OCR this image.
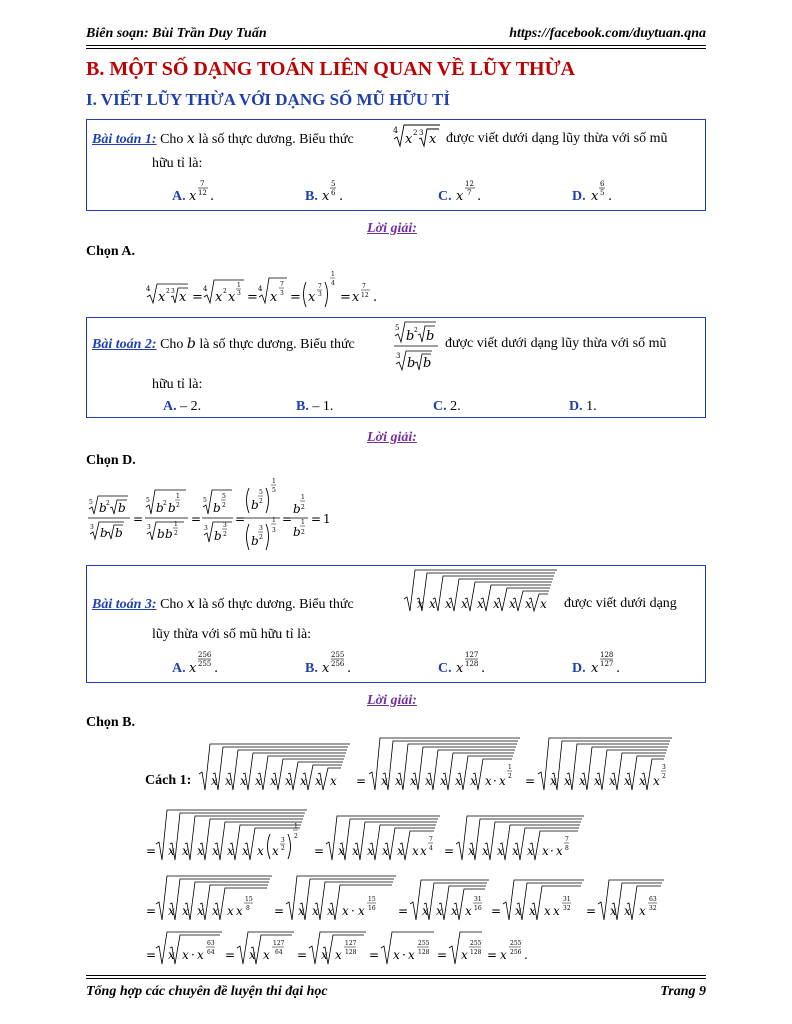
Biên soạn: Bùi Trần Duy Tuấn	https://facebook.com/duytuan.qna
B. MỘT SỐ DẠNG TOÁN LIÊN QUAN VỀ LŨY THỪA
I. VIẾT LŨY THỪA VỚI DẠNG SỐ MŨ HỮU TỈ
Bài toán 1: Cho x là số thực dương. Biểu thức
4
x 2 3 x được viết dưới dạng lũy thừa với số mũ
hữu tỉ là:
A. x
7
12 .	B. x
5
6 .	C. x
12
7 .	D. x
6
5 .
Lời giải:
Chọn A.
4
x 2 3 x =
4
x 2 x
1
3 =
4
x
7
3 = x
7
3
1
4
= x
7
12 .
Bài toán 2: Cho b là số thực dương. Biểu thức
5
b 2 b
3 b b
được viết dưới dạng lũy thừa với số mũ
hữu tỉ là:
A. – 2.	B. – 1.	C. 2.	D. 1.
Lời giải:
Chọn D.
5 b 2 b
3 b b
=
5
b 2 b
1
2
3 b b
1
2
=
5
b
5
2
3
b
3
2
=
b
5
2
1
5
b
3
2
1
3
=
b
1
2
b
1
2
= 1
Bài toán 3: Cho x là số thực dương. Biểu thức	x x x x x x x x x được viết dưới dạng
lũy thừa với số mũ hữu tỉ là:
A. x
256
255 .	B. x
255
256 .	C. x
127
128 .	D. x
128
127 .
Lời giải:
Chọn B.
Cách 1: x x x x x x x x x = x x x x x x x x · x
1
2 = x x x x x x x x
3
2
= x x x x x x x x
3
2
1
2
= x x x x x x x
7
4 = x x x x x x · x
7
8
= x x x x x x
15
8 = x x x x · x
15
16 = x x x x
31
16 = x x x x
31
32 = x x x
63
32
= x x · x
63
64 = x x
127
64 = x x
127
128 = x · x
255
128 = x
255
128 = x
255
256 .
Tổng hợp các chuyên đề luyện thi đại học	Trang 9
